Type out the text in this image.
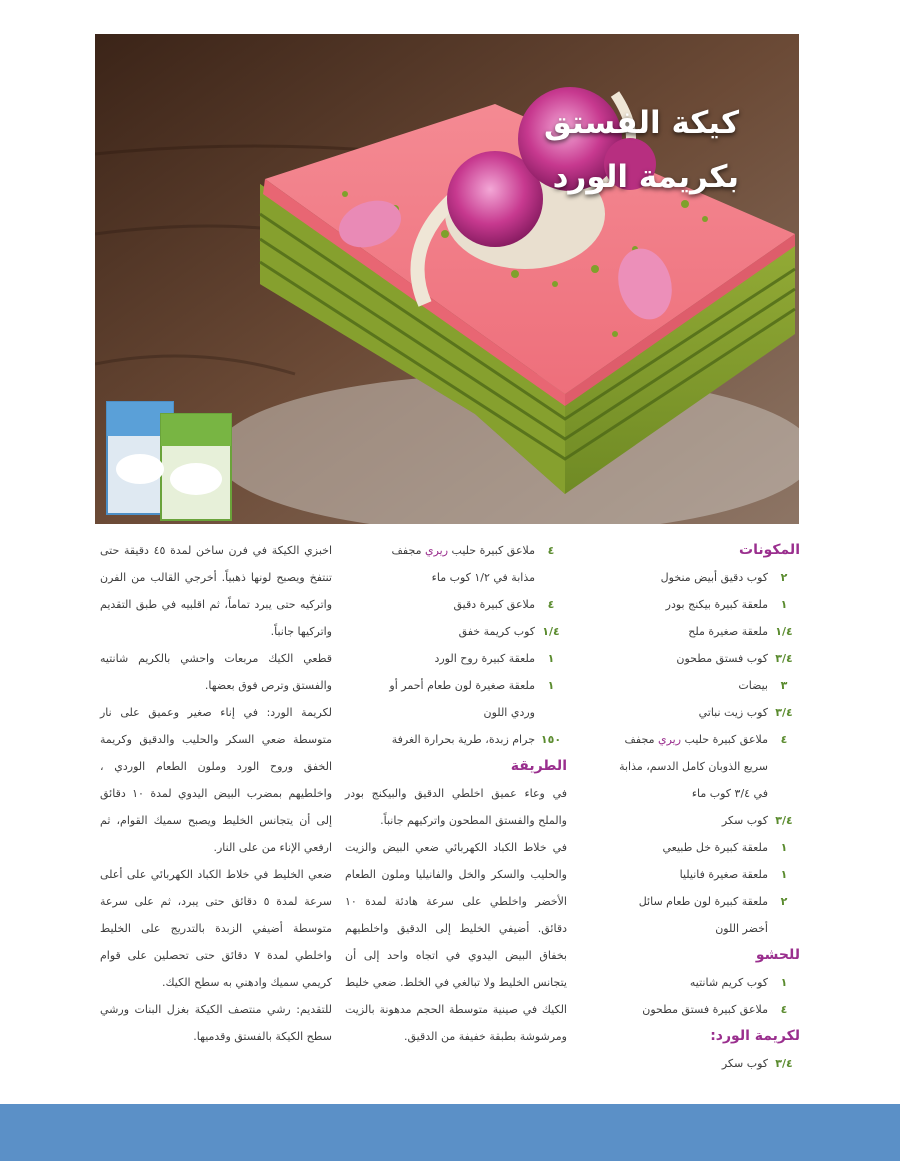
كيكة الفستق
بكريمة الورد
المكونات
٢
كوب دقيق أبيض منخول
١
ملعقة كبيرة بيكنج بودر
١/٤
ملعقة صغيرة ملح
٣/٤
كوب فستق مطحون
٣
بيضات
٣/٤
كوب زيت نباتي
٤
ملاعق كبيرة حليب ريري مجفف
سريع الذوبان كامل الدسم، مذابة
في ٣/٤ كوب ماء
٣/٤
كوب سكر
١
ملعقة كبيرة خل طبيعي
١
ملعقة صغيرة فانيليا
٢
ملعقة كبيرة لون طعام سائل
أخضر اللون
للحشو
١
كوب كريم شانتيه
٤
ملاعق كبيرة فستق مطحون
لكريمة الورد:
٣/٤
كوب سكر
٤
ملاعق كبيرة حليب ريري مجفف
مذابة في ١/٢ كوب ماء
٤
ملاعق كبيرة دقيق
١/٤
كوب كريمة خفق
١
ملعقة كبيرة روح الورد
١
ملعقة صغيرة لون طعام أحمر أو
وردي اللون
١٥٠
جرام زبدة، طرية بحرارة الغرفة
الطريقة
في وعاء عميق اخلطي الدقيق والبيكنج بودر والملح والفستق المطحون واتركيهم جانباً.
في خلاط الكباد الكهربائي ضعي البيض والزيت والحليب والسكر والخل والفانيليا وملون الطعام الأخضر واخلطي على سرعة هادئة لمدة ١٠ دقائق. أضيفي الخليط إلى الدقيق واخلطيهم بخفاق البيض اليدوي في اتجاه واحد إلى أن يتجانس الخليط ولا تبالغي في الخلط. ضعي خليط الكيك في صينية متوسطة الحجم مدهونة بالزيت ومرشوشة بطبقة خفيفة من الدقيق.
اخبزي الكيكة في فرن ساخن لمدة ٤٥ دقيقة حتى تنتفخ ويصبح لونها ذهبياً. أخرجي القالب من الفرن واتركيه حتى يبرد تماماً، ثم اقلبيه في طبق التقديم واتركيها جانباً.
قطعي الكيك مربعات واحشي بالكريم شانتيه والفستق وترص فوق بعضها.
لكريمة الورد: في إناء صغير وعميق على نار متوسطة ضعي السكر والحليب والدقيق وكريمة الخفق وروح الورد وملون الطعام الوردي ، واخلطيهم بمضرب البيض اليدوي لمدة ١٠ دقائق إلى أن يتجانس الخليط ويصبح سميك القوام، ثم ارفعي الإناء من على النار.
ضعي الخليط في خلاط الكباد الكهربائي على أعلى سرعة لمدة ٥ دقائق حتى يبرد، ثم على سرعة متوسطة أضيفي الزبدة بالتدريج على الخليط واخلطي لمدة ٧ دقائق حتى تحصلين على قوام كريمي سميك وادهني به سطح الكيك.
للتقديم: رشي منتصف الكيكة بغزل البنات ورشي سطح الكيكة بالفستق وقدميها.
